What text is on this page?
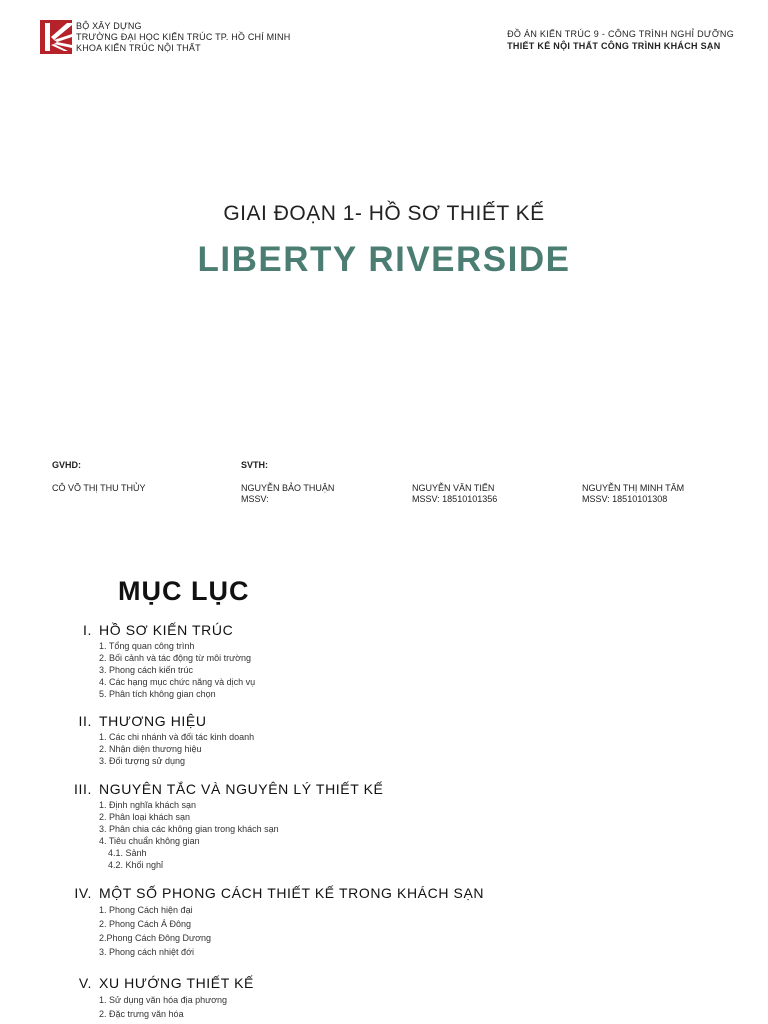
BỘ XÂY DỰNG
TRƯỜNG ĐẠI HỌC KIẾN TRÚC TP. HỒ CHÍ MINH
KHOA KIẾN TRÚC NỘI THẤT
ĐỒ ÁN KIẾN TRÚC 9 - CÔNG TRÌNH NGHỈ DƯỠNG
THIẾT KẾ NỘI THẤT CÔNG TRÌNH KHÁCH SẠN
GIAI ĐOẠN 1- HỒ SƠ THIẾT KẾ
LIBERTY RIVERSIDE
GVHD:
CÔ VÕ THỊ THU THỦY
SVTH:
NGUYỄN BẢO THUẬN
MSSV:
NGUYỄN VĂN TIẾN
MSSV: 18510101356
NGUYỄN THỊ MINH TÂM
MSSV: 18510101308
MỤC LỤC
I. HỒ SƠ KIẾN TRÚC
1. Tổng quan công trình
2. Bối cảnh và tác động từ môi trường
3. Phong cách kiến trúc
4. Các hạng mục chức năng và dịch vụ
5. Phân tích không gian chọn
II. THƯƠNG HIỆU
1. Các chi nhánh và đối tác kinh doanh
2. Nhận diện thương hiệu
3. Đối tượng sử dụng
III. NGUYÊN TẮC VÀ NGUYÊN LÝ THIẾT KẾ
1. Định nghĩa khách sạn
2. Phân loại khách sạn
3. Phân chia các không gian trong khách sạn
4. Tiêu chuẩn không gian
4.1. Sảnh
4.2. Khối nghỉ
IV. MỘT SỐ PHONG CÁCH THIẾT KẾ TRONG KHÁCH SẠN
1. Phong Cách hiện đại
2. Phong Cách Á Đông
2.Phong Cách Đông Dương
3. Phong cách nhiệt đới
V. XU HƯỚNG THIẾT KẾ
1. Sử dụng văn hóa địa phương
2. Đặc trưng văn hóa
